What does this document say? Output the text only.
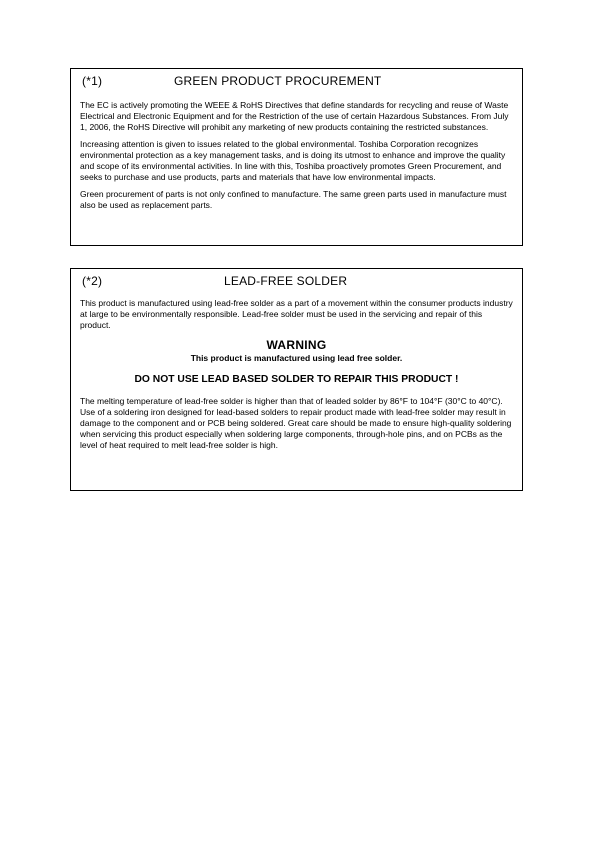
(*1)	GREEN PRODUCT PROCUREMENT

The EC is actively promoting the WEEE & RoHS Directives that define standards for recycling and reuse of Waste Electrical and Electronic Equipment and for the Restriction of the use of certain Hazardous Substances. From July 1, 2006, the RoHS Directive will prohibit any marketing of new products containing the restricted substances.

Increasing attention is given to issues related to the global environmental. Toshiba Corporation recognizes environmental protection as a key management tasks, and is doing its utmost to enhance and improve the quality and scope of its environmental activities. In line with this, Toshiba proactively promotes Green Procurement, and seeks to purchase and use products, parts and materials that have low environmental impacts.

Green procurement of parts is not only confined to manufacture. The same green parts used in manufacture must also be used as replacement parts.

(*2)	LEAD-FREE SOLDER

This product is manufactured using lead-free solder as a part of a movement within the consumer products industry at large to be environmentally responsible. Lead-free solder must be used in the servicing and repair of this product.

WARNING
This product is manufactured using lead free solder.
DO NOT USE LEAD BASED SOLDER TO REPAIR THIS PRODUCT !

The melting temperature of lead-free solder is higher than that of leaded solder by 86°F to 104°F (30°C to 40°C). Use of a soldering iron designed for lead-based solders to repair product made with lead-free solder may result in damage to the component and or PCB being soldered. Great care should be made to ensure high-quality soldering when servicing this product especially when soldering large components, through-hole pins, and on PCBs as the level of heat required to melt lead-free solder is high.
